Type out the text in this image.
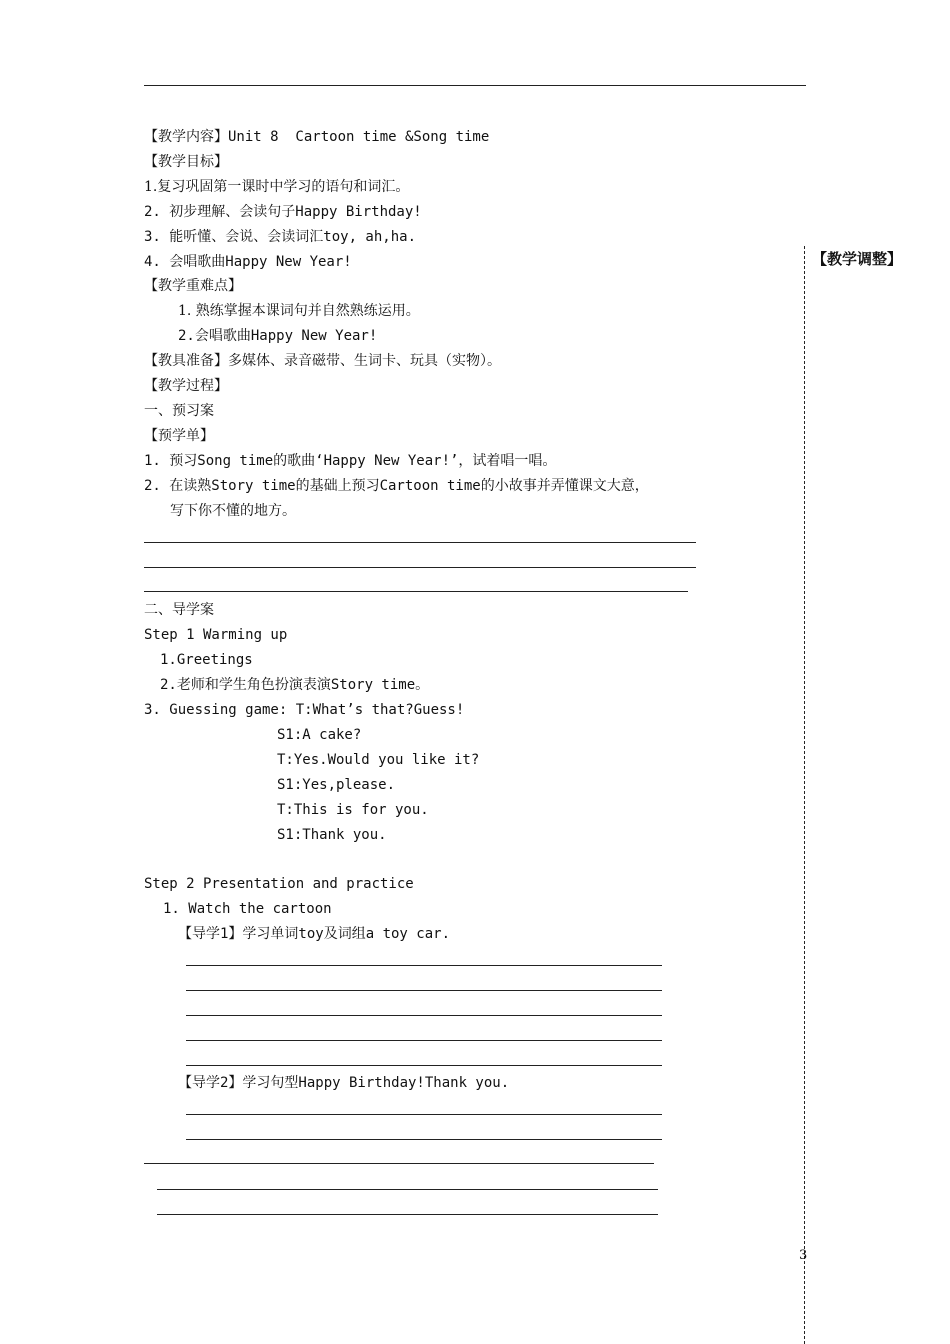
【教学调整】
【教学内容】Unit 8  Cartoon time &Song time
【教学目标】
1.复习巩固第一课时中学习的语句和词汇。
2. 初步理解、会读句子Happy Birthday!
3. 能听懂、会说、会读词汇toy, ah,ha.
4. 会唱歌曲Happy New Year!
【教学重难点】
1. 熟练掌握本课词句并自然熟练运用。
2.会唱歌曲Happy New Year!
【教具准备】多媒体、录音磁带、生词卡、玩具（实物）。
【教学过程】
一、预习案
【预学单】
1. 预习Song time的歌曲‘Happy New Year!’，试着唱一唱。
2. 在读熟Story time的基础上预习Cartoon time的小故事并弄懂课文大意，
写下你不懂的地方。
二、导学案
Step 1 Warming up
1.Greetings
2.老师和学生角色扮演表演Story time。
3. Guessing game: T:What’s that?Guess!
S1:A cake?
T:Yes.Would you like it?
S1:Yes,please.
T:This is for you.
S1:Thank you.
Step 2 Presentation and practice
1. Watch the cartoon
【导学1】学习单词toy及词组a toy car.
【导学2】学习句型Happy Birthday!Thank you.
3
